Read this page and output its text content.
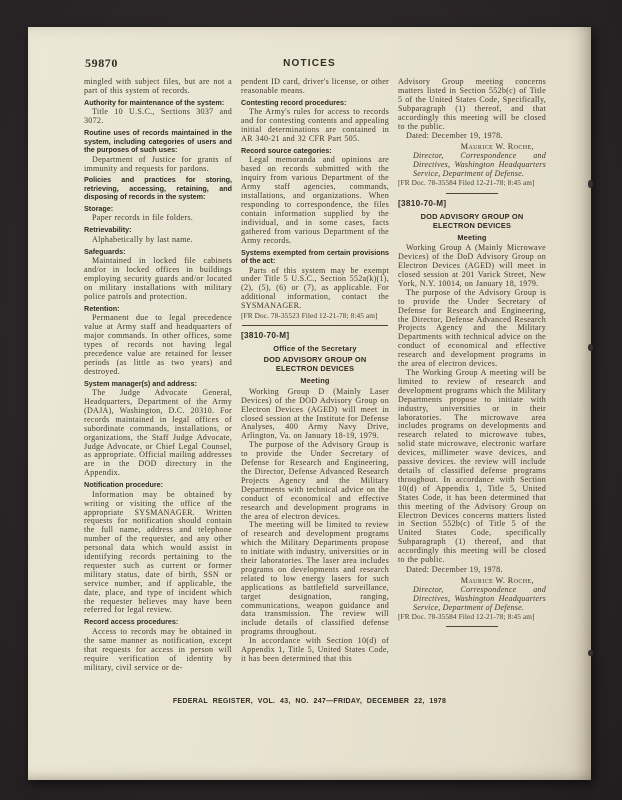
59870	NOTICES
mingled with subject files, but are not a part of this system of records.
Authority for maintenance of the system:
Title 10 U.S.C., Sections 3037 and 3072.
Routine uses of records maintained in the system, including categories of users and the purposes of such uses:
Department of Justice for grants of immunity and requests for pardons.
Policies and practices for storing, retrieving, accessing, retaining, and disposing of records in the system:
Storage:
Paper records in file folders.
Retrievability:
Alphabetically by last name.
Safeguards:
Maintained in locked file cabinets and/or in locked offices in buildings employing security guards and/or located on military installations with military police patrols and protection.
Retention:
Permanent due to legal precedence value at Army staff and headquarters of major commands. In other offices, some types of records not having legal precedence value are retained for lesser periods (as little as two years) and destroyed.
System manager(s) and address:
The Judge Advocate General, Headquarters, Department of the Army (DAJA), Washington, D.C. 20310. For records maintained in legal offices of subordinate commands, installations, or organizations, the Staff Judge Advocate, Judge Advocate, or Chief Legal Counsel, as appropriate. Official mailing addresses are in the DOD directory in the Appendix.
Notification procedure:
Information may be obtained by writing or visiting the office of the appropriate SYSMANAGER. Written requests for notification should contain the full name, address and telephone number of the requester, and any other personal data which would assist in identifying records pertaining to the requester such as current or former military status, date of birth, SSN or service number, and if applicable, the date, place, and type of incident which the requester believes may have been referred for legal review.
Record access procedures:
Access to records may be obtained in the same manner as notification, except that requests for access in person will require verification of identity by military, civil service or de-
pendent ID card, driver's license, or other reasonable means.
Contesting record procedures:
The Army's rules for access to records and for contesting contents and appealing initial determinations are contained in AR 340-21 and 32 CFR Part 505.
Record source categories:
Legal memoranda and opinions are based on records submitted with the inquiry from various Department of the Army staff agencies, commands, installations, and organizations. When responding to correspondence, the files contain information supplied by the individual, and in some cases, facts gathered from various Department of the Army records.
Systems exempted from certain provisions of the act:
Parts of this system may be exempt under Title 5 U.S.C., Section 552a(k)(1), (2), (5), (6) or (7), as applicable. For additional information, contact the SYSMANAGER.
[FR Doc. 78-35523 Filed 12-21-78; 8:45 am]
[3810-70-M]
Office of the Secretary
DOD ADVISORY GROUP ON ELECTRON DEVICES
Meeting
Working Group D (Mainly Laser Devices) of the DOD Advisory Group on Electron Devices (AGED) will meet in closed session at the Institute for Defense Analyses, 400 Army Navy Drive, Arlington, Va. on January 18-19, 1979.
The purpose of the Advisory Group is to provide the Under Secretary of Defense for Research and Engineering, the Director, Defense Advanced Research Projects Agency and the Military Departments with technical advice on the conduct of economical and effective research and development programs in the area of electron devices.
The meeting will be limited to review of research and development programs which the Military Departments propose to initiate with industry, universities or in their laboratories. The laser area includes programs on developments and research related to low energy lasers for such applications as battlefield surveillance, target designation, ranging, communications, weapon guidance and data transmission. The review will include details of classified defense programs throughout.
In accordance with Section 10(d) of Appendix 1, Title 5, United States Code, it has been determined that this
Advisory Group meeting concerns matters listed in Section 552b(c) of Title 5 of the United States Code, Specifically, Subparagraph (1) thereof, and that accordingly this meeting will be closed to the public.
Dated: December 19, 1978.
Maurice W. Roche,
Director, Correspondence and Directives, Washington Headquarters Service, Department of Defense.
[FR Doc. 78-35584 Filed 12-21-78; 8:45 am]
[3810-70-M]
DOD ADVISORY GROUP ON ELECTRON DEVICES
Meeting
Working Group A (Mainly Microwave Devices) of the DoD Advisory Group on Electron Devices (AGED) will meet in closed session at 201 Varick Street, New York, N.Y. 10014, on January 18, 1979.
The purpose of the Advisory Group is to provide the Under Secretary of Defense for Research and Engineering, the Director, Defense Advanced Research Projects Agency and the Military Departments with technical advice on the conduct of economical and effective research and development programs in the area of electron devices.
The Working Group A meeting will be limited to review of research and development programs which the Military Departments propose to initiate with industry, universities or in their laboratories. The microwave area includes programs on developments and research related to microwave tubes, solid state microwave, electronic warfare devices, millimeter wave devices, and passive devices. the review will include details of classified defense programs throughout. In accordance with Section 10(d) of Appendix 1, Title 5, United States Code, it has been determined that this meeting of the Advisory Group on Electron Devices concerns matters listed in Section 552b(c) of Title 5 of the United States Code, specifically Subparagraph (1) thereof, and that accordingly this meeting will be closed to the public.
Dated: December 19, 1978.
Maurice W. Roche,
Director, Correspondence and Directives, Washington Headquarters Service, Department of Defense.
[FR Doc. 78-35584 Filed 12-21-78; 8:45 am]
FEDERAL REGISTER, VOL. 43, NO. 247—FRIDAY, DECEMBER 22, 1978
